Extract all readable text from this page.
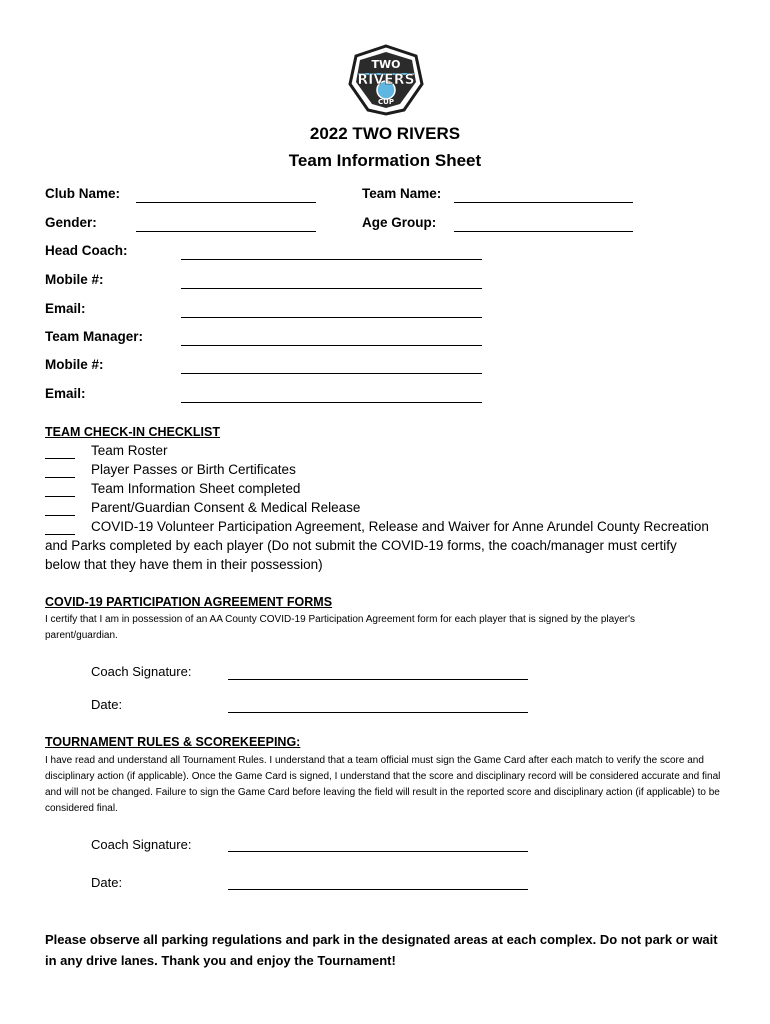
TWO
RIVERS
CUP
2022 TWO RIVERS
Team Information Sheet
Club Name:	Team Name:
Gender:	Age Group:
Head Coach:
Mobile #:
Email:
Team Manager:
Mobile #:
Email:
TEAM CHECK-IN CHECKLIST
Team Roster
Player Passes or Birth Certificates
Team Information Sheet completed
Parent/Guardian Consent & Medical Release
COVID-19 Volunteer Participation Agreement, Release and Waiver for Anne Arundel County Recreation
and Parks completed by each player (Do not submit the COVID-19 forms, the coach/manager must certify
below that they have them in their possession)
COVID-19 PARTICIPATION AGREEMENT FORMS
I certify that I am in possession of an AA County COVID-19 Participation Agreement form for each player that is signed by the player's parent/guardian.
Coach Signature:
Date:
TOURNAMENT RULES & SCOREKEEPING:
I have read and understand all Tournament Rules. I understand that a team official must sign the Game Card after each match to verify the score and disciplinary action (if applicable). Once the Game Card is signed, I understand that the score and disciplinary record will be considered accurate and final and will not be changed. Failure to sign the Game Card before leaving the field will result in the reported score and disciplinary action (if applicable) to be considered final.
Coach Signature:
Date:
Please observe all parking regulations and park in the designated areas at each complex. Do not park or wait in any drive lanes. Thank you and enjoy the Tournament!
